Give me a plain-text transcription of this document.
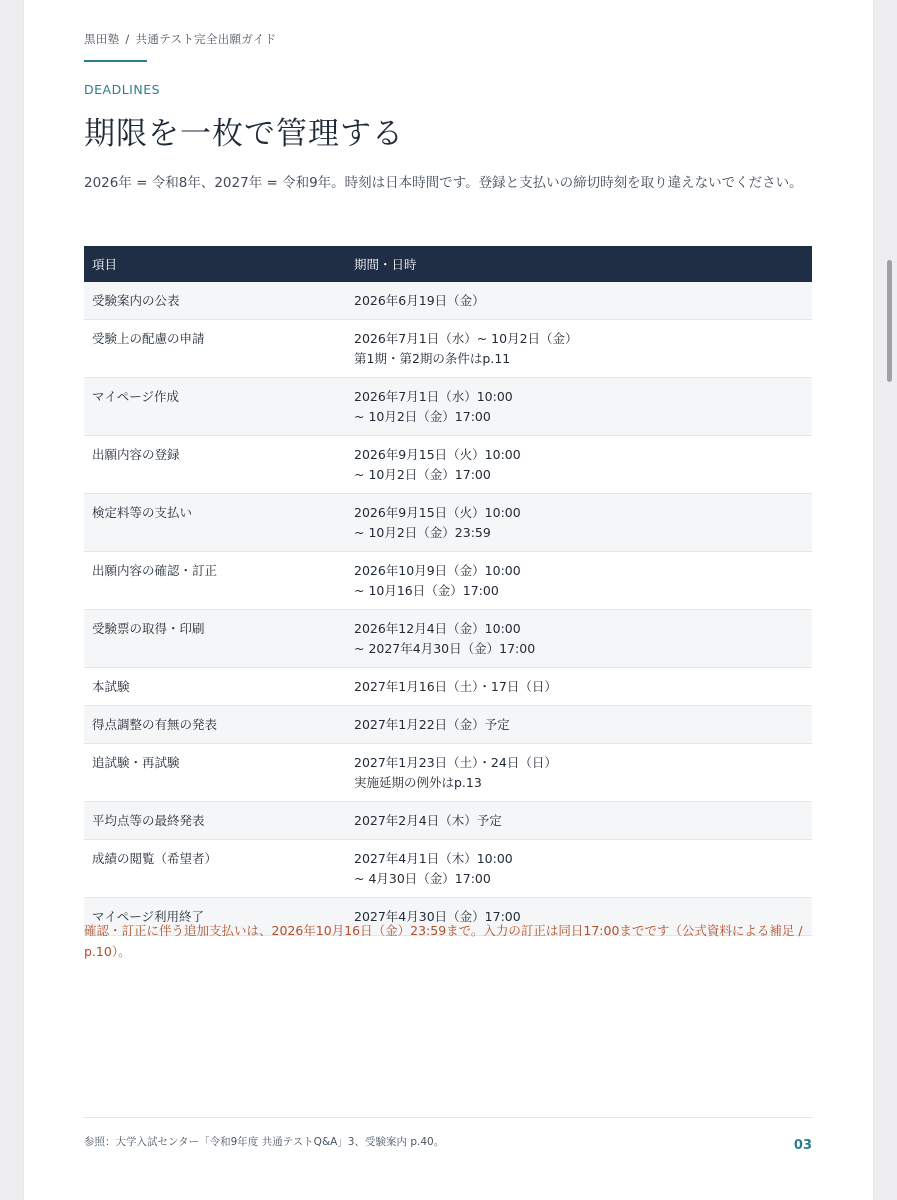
黒田塾 / 共通テスト完全出願ガイド
DEADLINES
期限を一枚で管理する
2026年 = 令和8年、2027年 = 令和9年。時刻は日本時間です。登録と支払いの締切時刻を取り違えないでください。
項目	期間・日時
受験案内の公表	2026年6月19日（金）

受験上の配慮の申請	2026年7月1日（水）~ 10月2日（金）
第1期・第2期の条件はp.11

マイページ作成	2026年7月1日（水）10:00
~ 10月2日（金）17:00

出願内容の登録	2026年9月15日（火）10:00
~ 10月2日（金）17:00

検定料等の支払い	2026年9月15日（火）10:00
~ 10月2日（金）23:59

出願内容の確認・訂正	2026年10月9日（金）10:00
~ 10月16日（金）17:00

受験票の取得・印刷	2026年12月4日（金）10:00
~ 2027年4月30日（金）17:00

本試験	2027年1月16日（土）・17日（日）

得点調整の有無の発表	2027年1月22日（金）予定

追試験・再試験	2027年1月23日（土）・24日（日）
実施延期の例外はp.13

平均点等の最終発表	2027年2月4日（木）予定

成績の閲覧（希望者）	2027年4月1日（木）10:00
~ 4月30日（金）17:00

マイページ利用終了	2027年4月30日（金）17:00
確認・訂正に伴う追加支払いは、2026年10月16日（金）23:59まで。入力の訂正は同日17:00までです（公式資料による補足 / p.10）。
参照：大学入試センター「令和9年度 共通テストQ&A」3、受験案内 p.40。	03
